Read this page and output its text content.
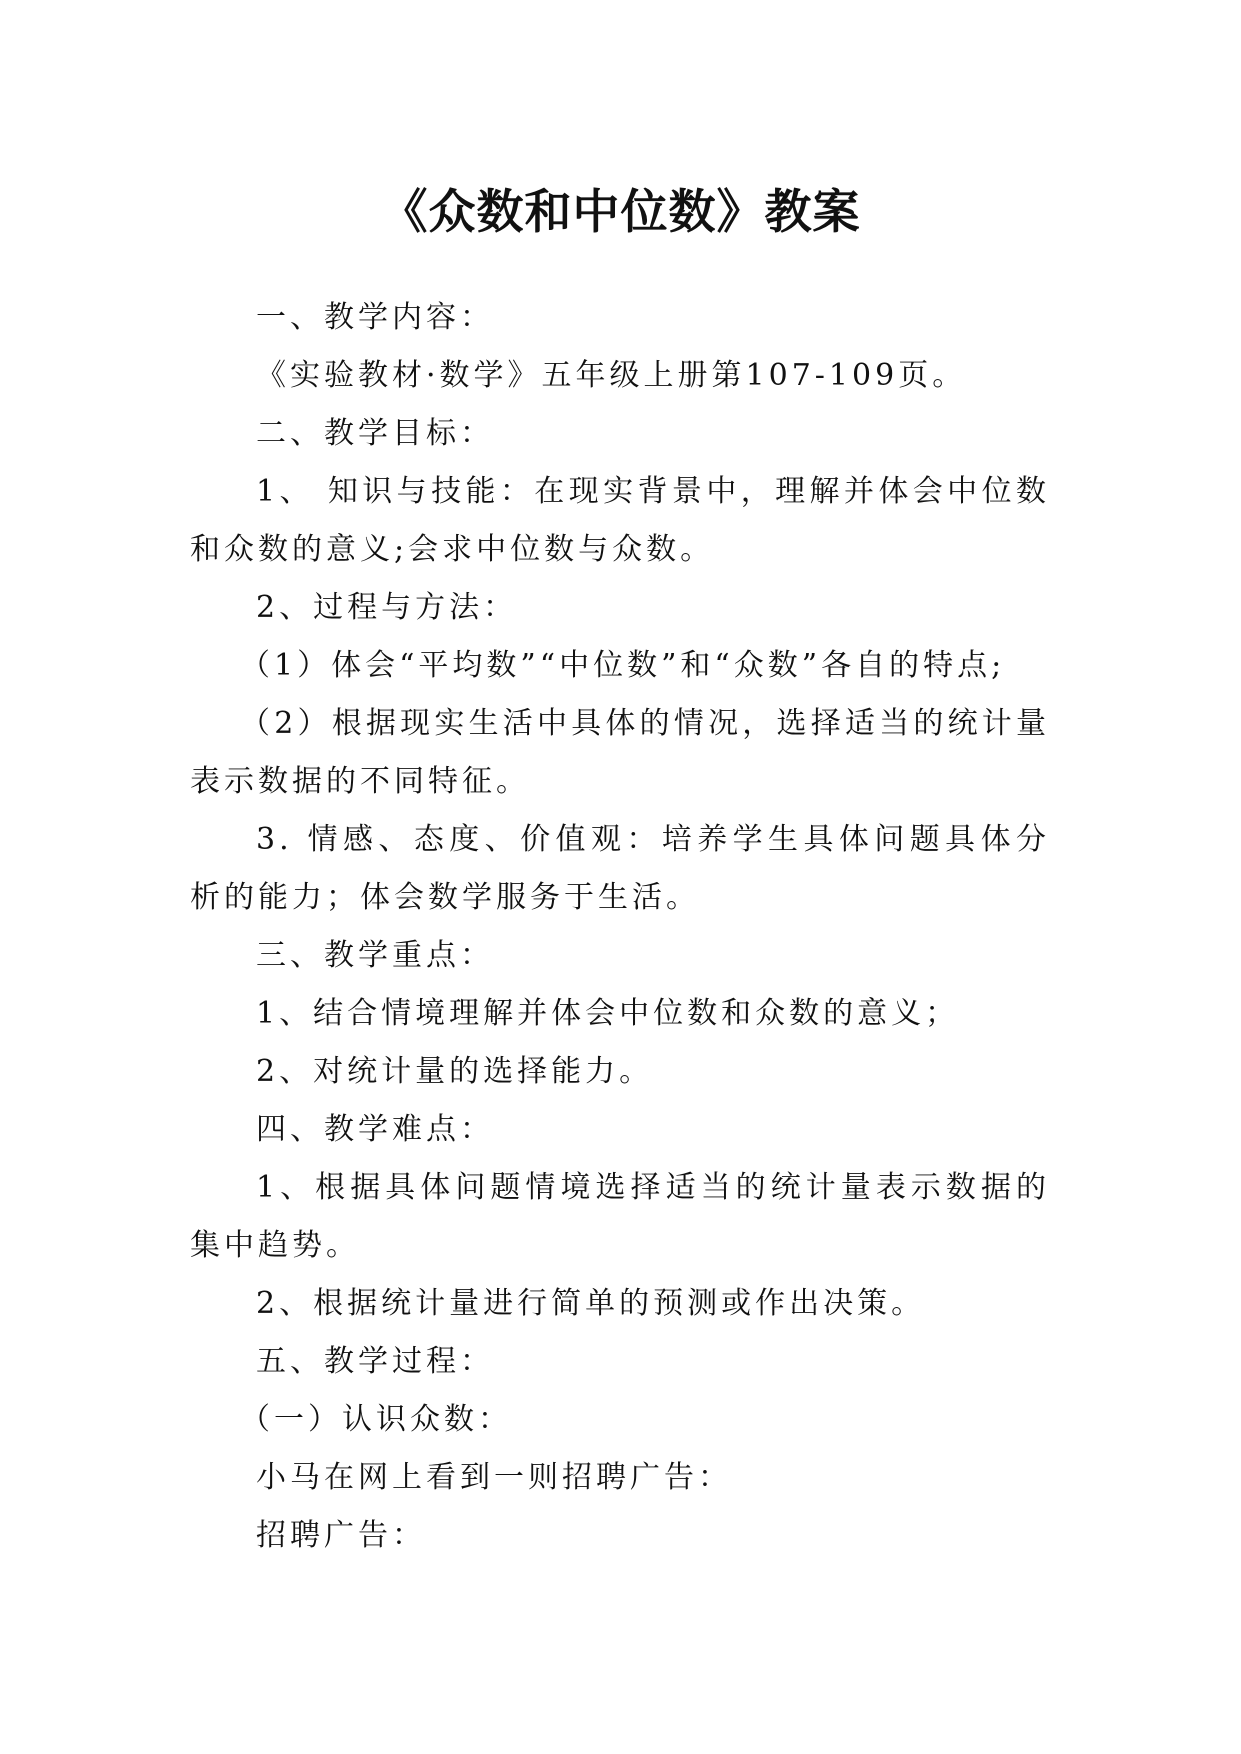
《众数和中位数》教案

一、教学内容：

《实验教材·数学》五年级上册第107-109页。

二、教学目标：

1、 知识与技能：在现实背景中，理解并体会中位数和众数的意义;会求中位数与众数。

2、过程与方法：

（1）体会“平均数”“中位数”和“众数”各自的特点;

（2）根据现实生活中具体的情况，选择适当的统计量表示数据的不同特征。

3. 情感、态度、价值观：培养学生具体问题具体分析的能力；体会数学服务于生活。

三、教学重点：

1、结合情境理解并体会中位数和众数的意义；

2、对统计量的选择能力。

四、教学难点：

1、根据具体问题情境选择适当的统计量表示数据的集中趋势。

2、根据统计量进行简单的预测或作出决策。

五、教学过程：

（一）认识众数：

小马在网上看到一则招聘广告：

招聘广告：
